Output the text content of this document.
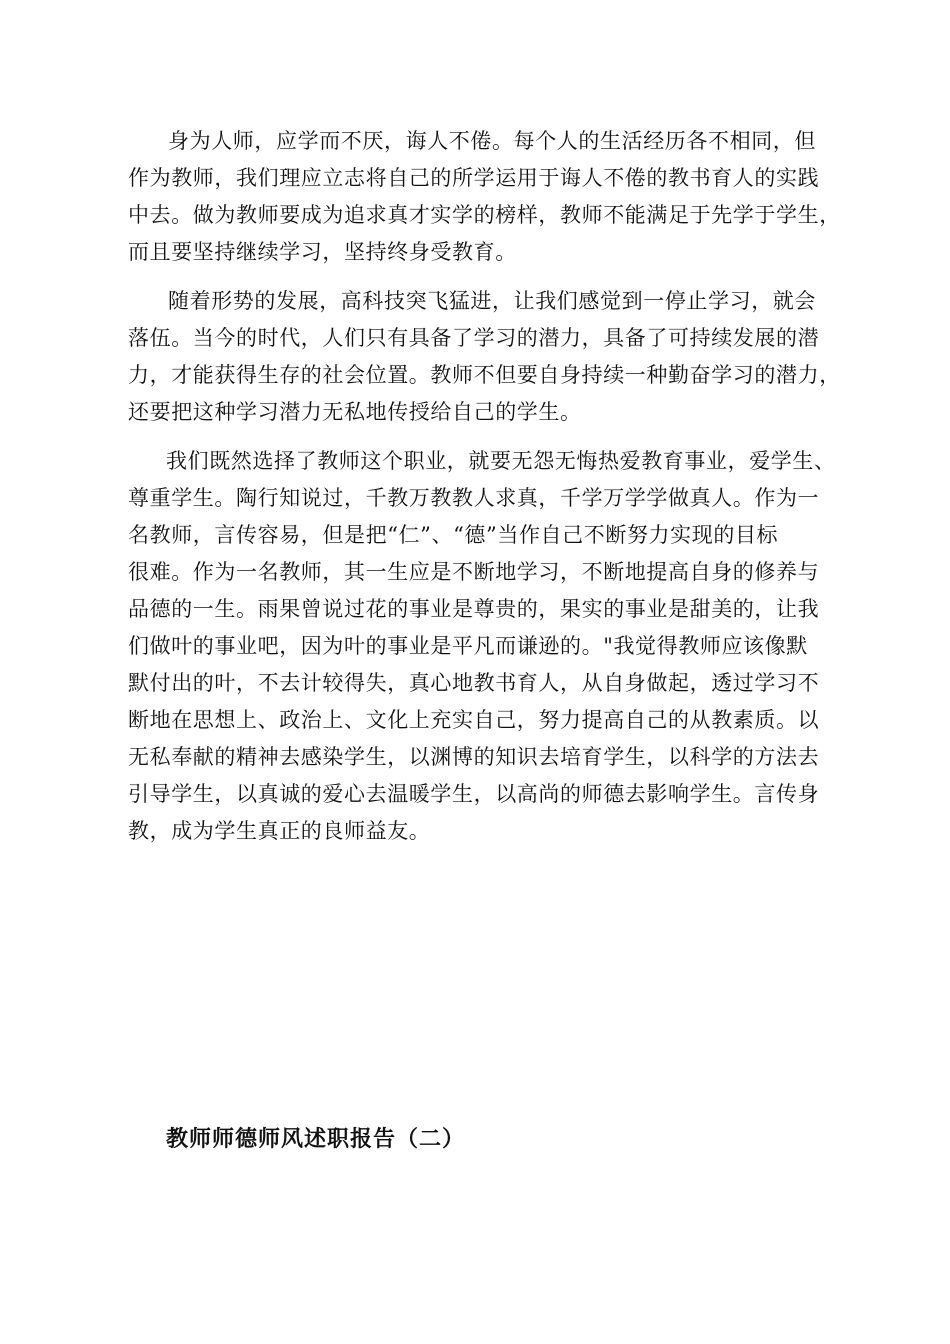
身为人师，应学而不厌，诲人不倦。每个人的生活经历各不相同，但
作为教师，我们理应立志将自己的所学运用于诲人不倦的教书育人的实践
中去。做为教师要成为追求真才实学的榜样，教师不能满足于先学于学生，
而且要坚持继续学习，坚持终身受教育。
随着形势的发展，高科技突飞猛进，让我们感觉到一停止学习，就会
落伍。当今的时代，人们只有具备了学习的潜力，具备了可持续发展的潜
力，才能获得生存的社会位置。教师不但要自身持续一种勤奋学习的潜力，
还要把这种学习潜力无私地传授给自己的学生。
我们既然选择了教师这个职业，就要无怨无悔热爱教育事业，爱学生、
尊重学生。陶行知说过，千教万教教人求真，千学万学学做真人。作为一
名教师，言传容易，但是把“仁”、“德”当作自己不断努力实现的目标
很难。作为一名教师，其一生应是不断地学习，不断地提高自身的修养与
品德的一生。雨果曾说过花的事业是尊贵的，果实的事业是甜美的，让我
们做叶的事业吧，因为叶的事业是平凡而谦逊的。"我觉得教师应该像默
默付出的叶，不去计较得失，真心地教书育人，从自身做起，透过学习不
断地在思想上、政治上、文化上充实自己，努力提高自己的从教素质。以
无私奉献的精神去感染学生，以渊博的知识去培育学生，以科学的方法去
引导学生，以真诚的爱心去温暖学生，以高尚的师德去影响学生。言传身
教，成为学生真正的良师益友。
教师师德师风述职报告（二）
